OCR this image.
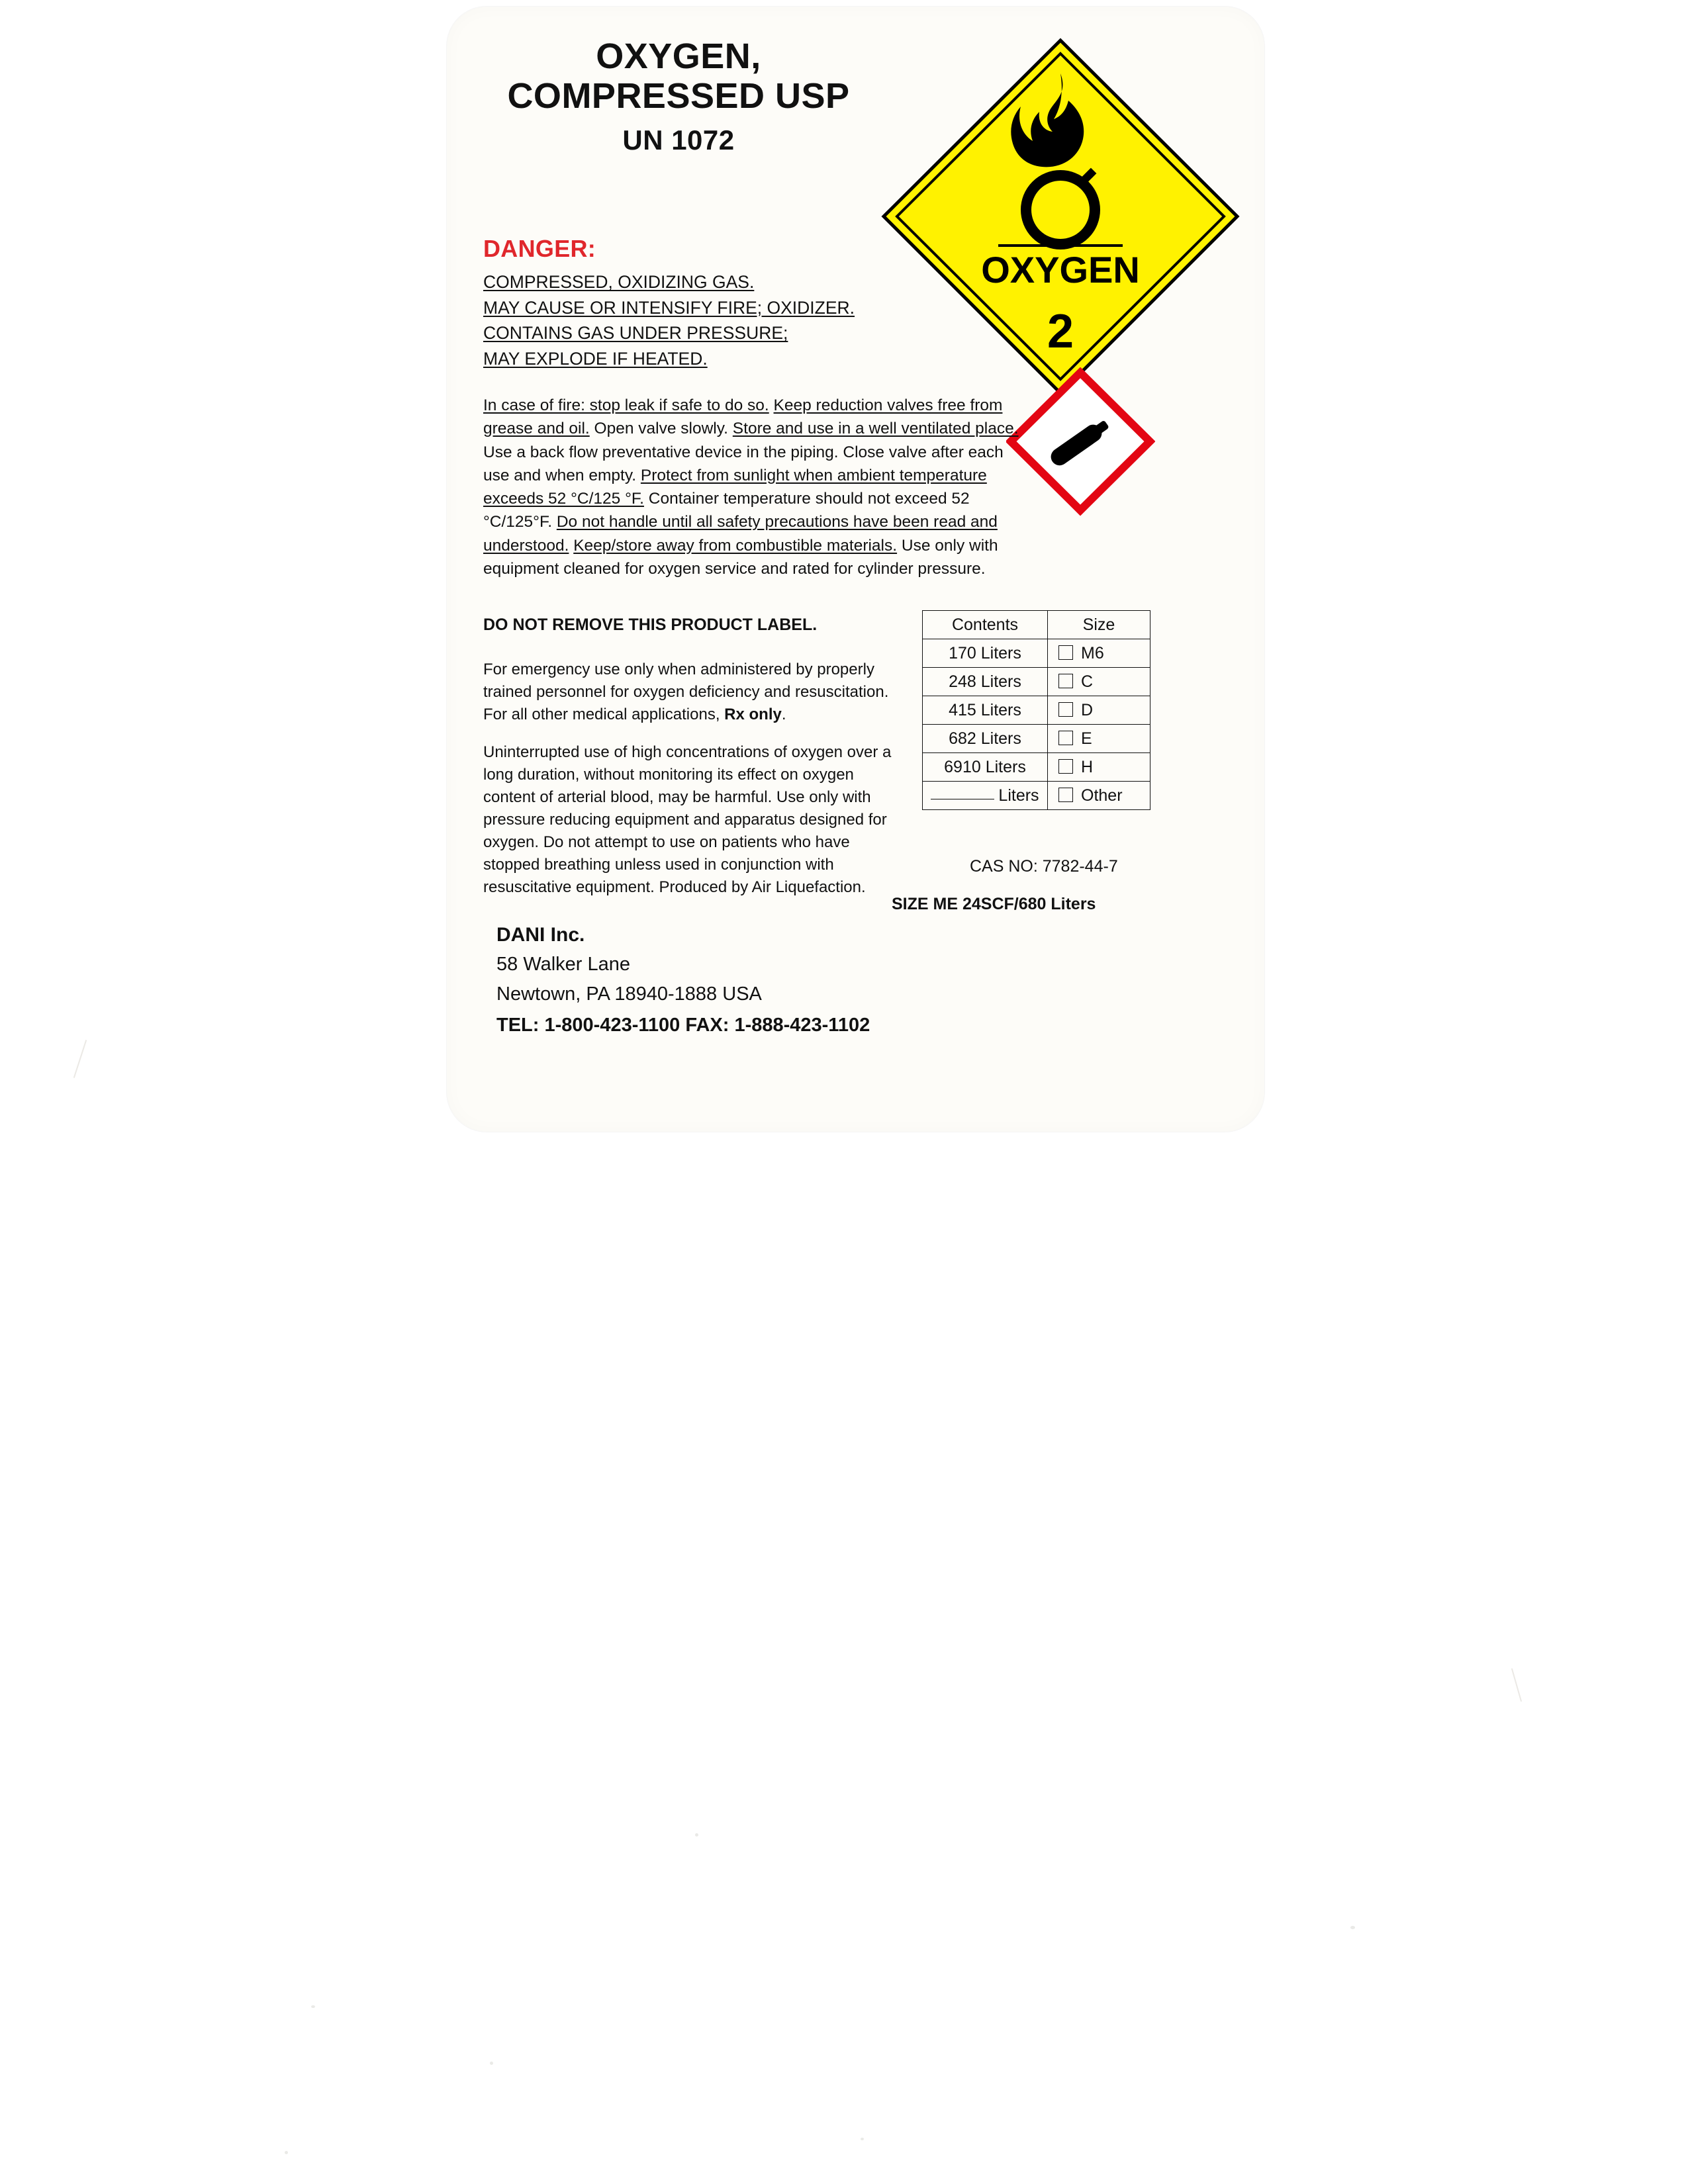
OXYGEN,
COMPRESSED USP
UN 1072
OXYGEN
2
DANGER:
COMPRESSED, OXIDIZING GAS.
MAY CAUSE OR INTENSIFY FIRE; OXIDIZER.
CONTAINS GAS UNDER PRESSURE;
MAY EXPLODE IF HEATED.
In case of fire: stop leak if safe to do so. Keep reduction valves free from grease and oil. Open valve slowly. Store and use in a well ventilated place. Use a back flow preventative device in the piping. Close valve after each use and when empty. Protect from sunlight when ambient temperature exceeds 52 °C/125 °F. Container temperature should not exceed 52 °C/125°F. Do not handle until all safety precautions have been read and understood. Keep/store away from combustible materials. Use only with equipment cleaned for oxygen service and rated for cylinder pressure.
DO NOT REMOVE THIS PRODUCT LABEL.
For emergency use only when administered by properly trained personnel for oxygen deficiency and resuscitation. For all other medical applications, Rx only.
Uninterrupted use of high concentrations of oxygen over a long duration, without monitoring its effect on oxygen content of arterial blood, may be harmful. Use only with pressure reducing equipment and apparatus designed for oxygen. Do not attempt to use on patients who have stopped breathing unless used in conjunction with resuscitative equipment. Produced by Air Liquefaction.
Contents	Size
170 Liters	M6
248 Liters	C
415 Liters	D
682 Liters	E
6910 Liters	H
Liters	Other
CAS NO: 7782-44-7
SIZE ME 24SCF/680 Liters
DANI Inc.
58 Walker Lane
Newtown, PA 18940-1888 USA
TEL: 1-800-423-1100 FAX: 1-888-423-1102
